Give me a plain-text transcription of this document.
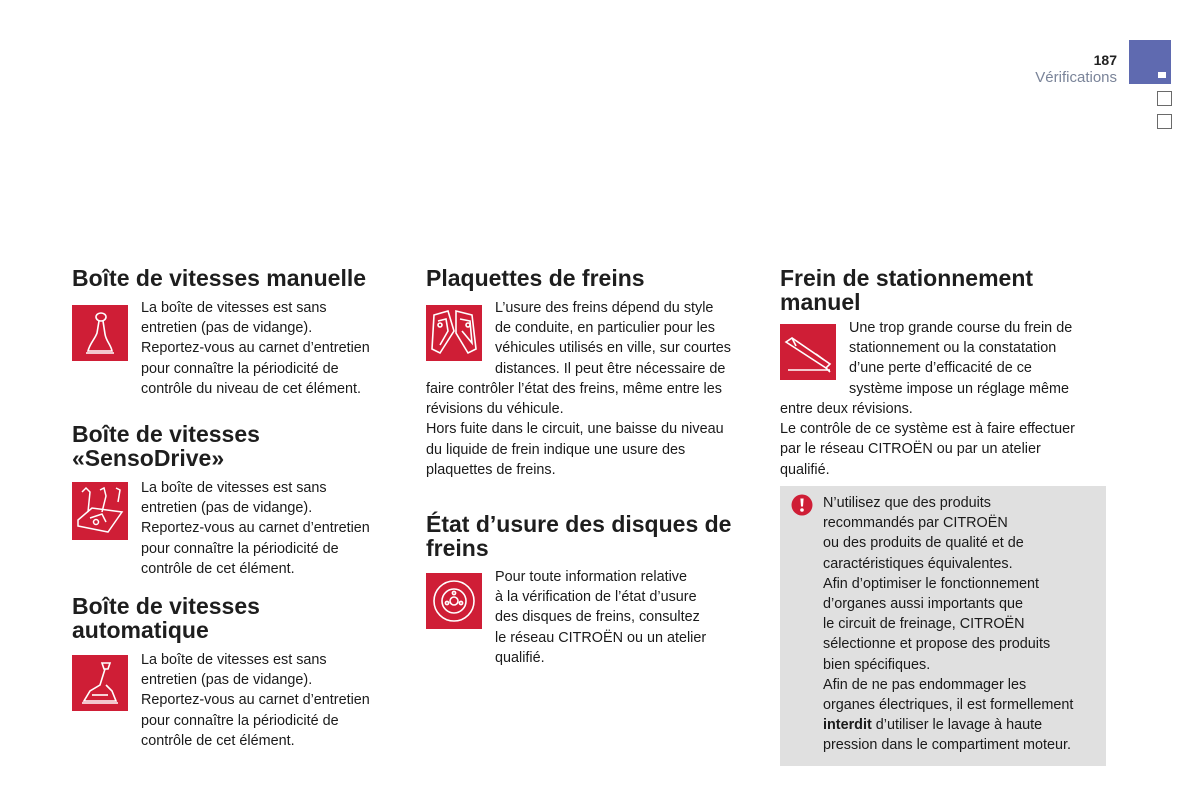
187
Vérifications
Boîte de vitesses manuelle
La boîte de vitesses est sans
entretien (pas de vidange).
Reportez-vous au carnet d’entretien
pour connaître la périodicité de
contrôle du niveau de cet élément.
Boîte de vitesses
«SensoDrive»
La boîte de vitesses est sans
entretien (pas de vidange).
Reportez-vous au carnet d’entretien
pour connaître la périodicité de
contrôle de cet élément.
Boîte de vitesses
automatique
La boîte de vitesses est sans
entretien (pas de vidange).
Reportez-vous au carnet d’entretien
pour connaître la périodicité de
contrôle de cet élément.
Plaquettes de freins
L’usure des freins dépend du style
de conduite, en particulier pour les
véhicules utilisés en ville, sur courtes
distances. Il peut être nécessaire de
faire contrôler l’état des freins, même entre les
révisions du véhicule.
Hors fuite dans le circuit, une baisse du niveau
du liquide de frein indique une usure des
plaquettes de freins.
État d’usure des disques de
freins
Pour toute information relative
à la vérification de l’état d’usure
des disques de freins, consultez
le réseau CITROËN ou un atelier
qualifié.
Frein de stationnement
manuel
Une trop grande course du frein de
stationnement ou la constatation
d’une perte d’efficacité de ce
système impose un réglage même
entre deux révisions.
Le contrôle de ce système est à faire effectuer
par le réseau CITROËN ou par un atelier
qualifié.
N’utilisez que des produits
recommandés par CITROËN
ou des produits de qualité et de
caractéristiques équivalentes.
Afin d’optimiser le fonctionnement
d’organes aussi importants que
le circuit de freinage, CITROËN
sélectionne et propose des produits
bien spécifiques.
Afin de ne pas endommager les
organes électriques, il est formellement
interdit d’utiliser le lavage à haute
pression dans le compartiment moteur.
